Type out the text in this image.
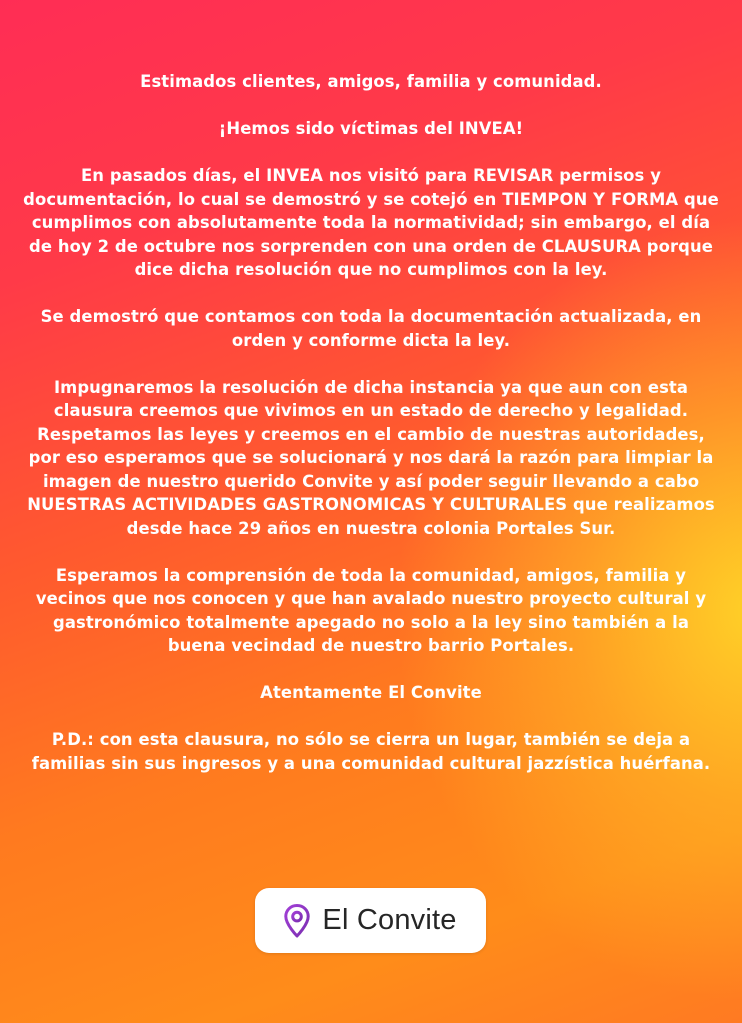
Estimados clientes, amigos, familia y comunidad.

¡Hemos sido víctimas del INVEA!

En pasados días, el INVEA nos visitó para REVISAR permisos y documentación, lo cual se demostró y se cotejó en TIEMPON Y FORMA que cumplimos con absolutamente toda la normatividad; sin embargo, el día de hoy 2 de octubre nos sorprenden con una orden de CLAUSURA porque dice dicha resolución que no cumplimos con la ley.

Se demostró que contamos con toda la documentación actualizada, en orden y conforme dicta la ley.

Impugnaremos la resolución de dicha instancia ya que aun con esta clausura creemos que vivimos en un estado de derecho y legalidad. Respetamos las leyes y creemos en el cambio de nuestras autoridades, por eso esperamos que se solucionará y nos dará la razón para limpiar la imagen de nuestro querido Convite y así poder seguir llevando a cabo NUESTRAS ACTIVIDADES GASTRONOMICAS Y CULTURALES que realizamos desde hace 29 años en nuestra colonia Portales Sur.

Esperamos la comprensión de toda la comunidad, amigos, familia y vecinos que nos conocen y que han avalado nuestro proyecto cultural y gastronómico totalmente apegado no solo a la ley sino también a la buena vecindad de nuestro barrio Portales.

Atentamente El Convite

P.D.: con esta clausura, no sólo se cierra un lugar, también se deja a familias sin sus ingresos y a una comunidad cultural jazzística huérfana.

El Convite
